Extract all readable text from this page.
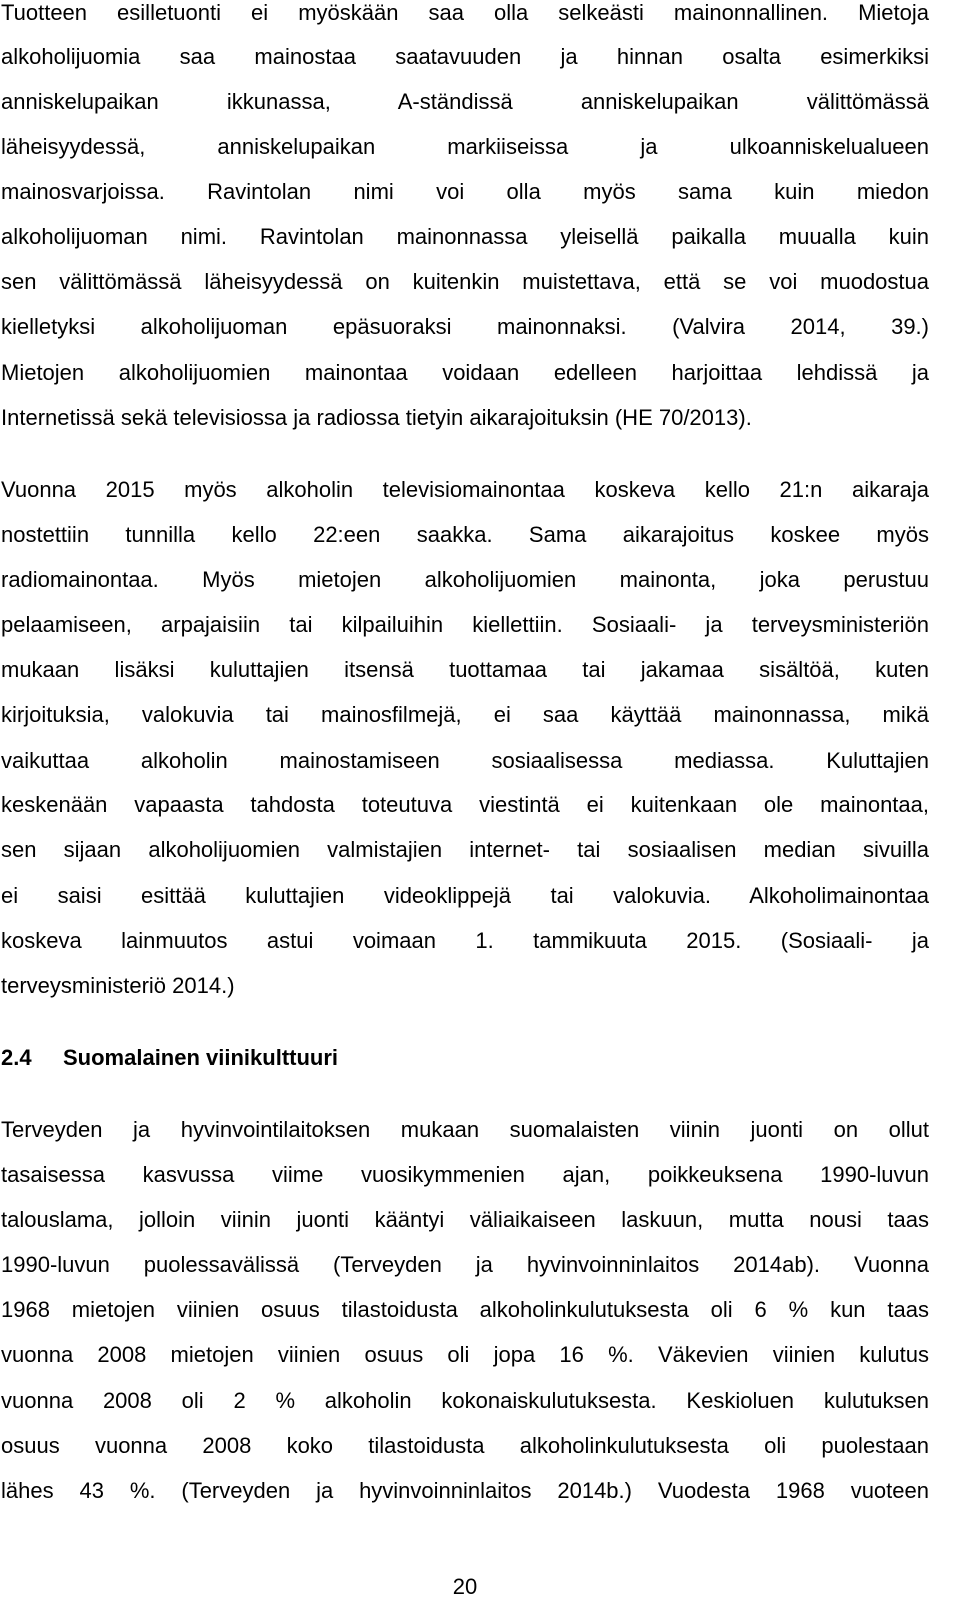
Tuotteen esilletuonti ei myöskään saa olla selkeästi mainonnallinen. Mietoja
alkoholijuomia saa mainostaa saatavuuden ja hinnan osalta esimerkiksi
anniskelupaikan ikkunassa, A-ständissä anniskelupaikan välittömässä
läheisyydessä, anniskelupaikan markiiseissa ja ulkoanniskelualueen
mainosvarjoissa. Ravintolan nimi voi olla myös sama kuin miedon
alkoholijuoman nimi. Ravintolan mainonnassa yleisellä paikalla muualla kuin
sen välittömässä läheisyydessä on kuitenkin muistettava, että se voi muodostua
kielletyksi alkoholijuoman epäsuoraksi mainonnaksi. (Valvira 2014, 39.)
Mietojen alkoholijuomien mainontaa voidaan edelleen harjoittaa lehdissä ja
Internetissä sekä televisiossa ja radiossa tietyin aikarajoituksin (HE 70/2013).
Vuonna 2015 myös alkoholin televisiomainontaa koskeva kello 21:n aikaraja
nostettiin tunnilla kello 22:een saakka. Sama aikarajoitus koskee myös
radiomainontaa. Myös mietojen alkoholijuomien mainonta, joka perustuu
pelaamiseen, arpajaisiin tai kilpailuihin kiellettiin. Sosiaali- ja terveysministeriön
mukaan lisäksi kuluttajien itsensä tuottamaa tai jakamaa sisältöä, kuten
kirjoituksia, valokuvia tai mainosfilmejä, ei saa käyttää mainonnassa, mikä
vaikuttaa alkoholin mainostamiseen sosiaalisessa mediassa. Kuluttajien
keskenään vapaasta tahdosta toteutuva viestintä ei kuitenkaan ole mainontaa,
sen sijaan alkoholijuomien valmistajien internet- tai sosiaalisen median sivuilla
ei saisi esittää kuluttajien videoklippejä tai valokuvia. Alkoholimainontaa
koskeva lainmuutos astui voimaan 1. tammikuuta 2015. (Sosiaali- ja
terveysministeriö 2014.)
2.4 Suomalainen viinikulttuuri
Terveyden ja hyvinvointilaitoksen mukaan suomalaisten viinin juonti on ollut
tasaisessa kasvussa viime vuosikymmenien ajan, poikkeuksena 1990-luvun
talouslama, jolloin viinin juonti kääntyi väliaikaiseen laskuun, mutta nousi taas
1990-luvun puolessavälissä (Terveyden ja hyvinvoinninlaitos 2014ab). Vuonna
1968 mietojen viinien osuus tilastoidusta alkoholinkulutuksesta oli 6 % kun taas
vuonna 2008 mietojen viinien osuus oli jopa 16 %. Väkevien viinien kulutus
vuonna 2008 oli 2 % alkoholin kokonaiskulutuksesta. Keskioluen kulutuksen
osuus vuonna 2008 koko tilastoidusta alkoholinkulutuksesta oli puolestaan
lähes 43 %. (Terveyden ja hyvinvoinninlaitos 2014b.) Vuodesta 1968 vuoteen
20
